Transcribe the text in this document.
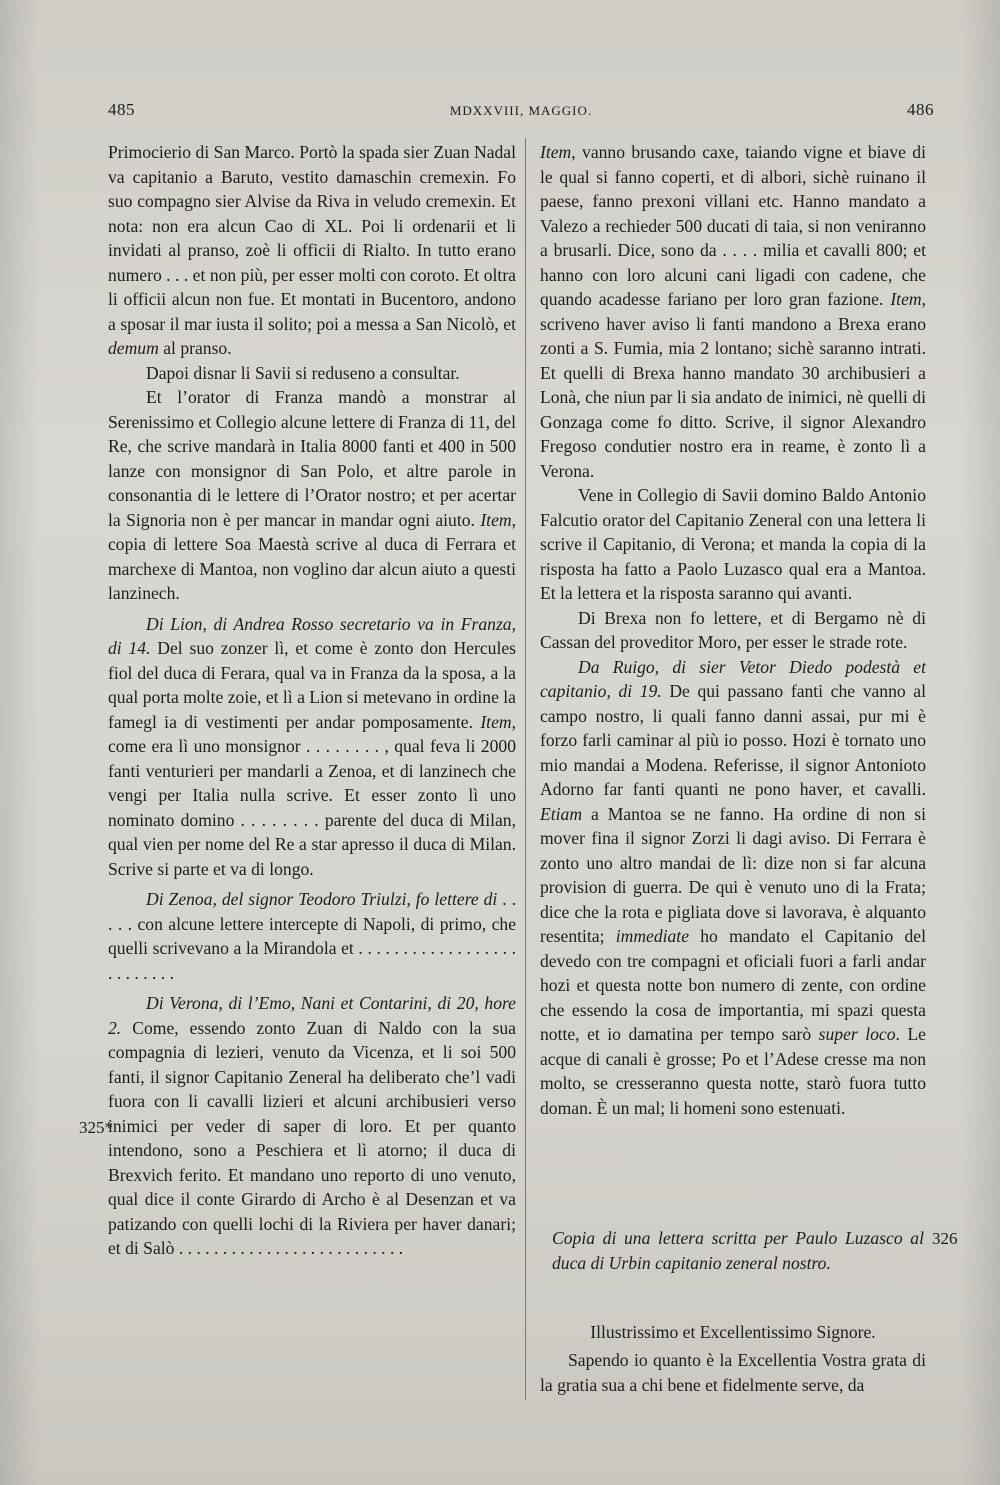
485	MDXXVIII, MAGGIO.	486

Primocierio di San Marco. Portò la spada sier Zuan Nadal va capitanio a Baruto, vestito damaschin cremexin. Fo suo compagno sier Alvise da Riva in veludo cremexin. Et nota: non era alcun Cao di XL. Poi li ordenarii et li invidati al pranso, zoè li officii di Rialto. In tutto erano numero . . . et non più, per esser molti con coroto. Et oltra li officii alcun non fue. Et montati in Bucentoro, andono a sposar il mar iusta il solito; poi a messa a San Nicolò, et demum al pranso.

Dapoi disnar li Savii si reduseno a consultar.

Et l’orator di Franza mandò a monstrar al Serenissimo et Collegio alcune lettere di Franza di 11, del Re, che scrive mandarà in Italia 8000 fanti et 400 in 500 lanze con monsignor di San Polo, et altre parole in consonantia di le lettere di l’Orator nostro; et per acertar la Signoria non è per mancar in mandar ogni aiuto. Item, copia di lettere Soa Maestà scrive al duca di Ferrara et marchexe di Mantoa, non voglino dar alcun aiuto a questi lanzinech.

Di Lion, di Andrea Rosso secretario va in Franza, di 14. Del suo zonzer lì, et come è zonto don Hercules fiol del duca di Ferara, qual va in Franza da la sposa, a la qual porta molte zoie, et lì a Lion si metevano in ordine la famegl ia di vestimenti per andar pomposamente. Item, come era lì uno monsignor . . . . . . . . , qual feva li 2000 fanti venturieri per mandarli a Zenoa, et di lanzinech che vengi per Italia nulla scrive. Et esser zonto lì uno nominato domino . . . . . . . . parente del duca di Milan, qual vien per nome del Re a star apresso il duca di Milan. Scrive si parte et va di longo.

Di Zenoa, del signor Teodoro Triulzi, fo lettere di . . . . . con alcune lettere intercepte di Napoli, di primo, che quelli scrivevano a la Mirandola et . . . . . . . . . . . . . . . . . . . . . . . . . .

Di Verona, di l’Emo, Nani et Contarini, di 20, hore 2. Come, essendo zonto Zuan di Naldo con la sua compagnia di lezieri, venuto da Vicenza, et li soi 500 fanti, il signor Capitanio Zeneral ha deliberato che’l vadi fuora con li cavalli lizieri et alcuni archibusieri verso inimici per veder di saper di loro. Et per quanto intendono, sono a Peschiera et lì atorno; il duca di Brexvich ferito. Et mandano uno reporto di uno venuto, qual dice il conte Girardo di Archo è al Desenzan et va patizando con quelli lochi di la Riviera per haver danari; et di Salò . . . . . . . . . . . . . . . . . . . . . . . . . .

Item, vanno brusando caxe, taiando vigne et biave di le qual si fanno coperti, et di albori, sichè ruinano il paese, fanno prexoni villani etc. Hanno mandato a Valezo a rechieder 500 ducati di taia, si non veniranno a brusarli. Dice, sono da . . . . milia et cavalli 800; et hanno con loro alcuni cani ligadi con cadene, che quando acadesse fariano per loro gran fazione. Item, scriveno haver aviso li fanti mandono a Brexa erano zonti a S. Fumia, mia 2 lontano; sichè saranno intrati. Et quelli di Brexa hanno mandato 30 archibusieri a Lonà, che niun par li sia andato de inimici, nè quelli di Gonzaga come fo ditto. Scrive, il signor Alexandro Fregoso condutier nostro era in reame, è zonto lì a Verona.

Vene in Collegio di Savii domino Baldo Antonio Falcutio orator del Capitanio Zeneral con una lettera li scrive il Capitanio, di Verona; et manda la copia di la risposta ha fatto a Paolo Luzasco qual era a Mantoa. Et la lettera et la risposta saranno qui avanti.

Di Brexa non fo lettere, et di Bergamo nè di Cassan del proveditor Moro, per esser le strade rote.

Da Ruigo, di sier Vetor Diedo podestà et capitanio, di 19. De qui passano fanti che vanno al campo nostro, li quali fanno danni assai, pur mi è forzo farli caminar al più io posso. Hozi è tornato uno mio mandai a Modena. Referisse, il signor Antonioto Adorno far fanti quanti ne pono haver, et cavalli. Etiam a Mantoa se ne fanno. Ha ordine di non si mover fina il signor Zorzi li dagi aviso. Di Ferrara è zonto uno altro mandai de lì: dize non si far alcuna provision di guerra. De qui è venuto uno di la Frata; dice che la rota e pigliata dove si lavorava, è alquanto resentita; immediate ho mandato el Capitanio del devedo con tre compagni et oficiali fuori a farli andar hozi et questa notte bon numero di zente, con ordine che essendo la cosa de importantia, mi spazi questa notte, et io damatina per tempo sarò super loco. Le acque di canali è grosse; Po et l’Adese cresse ma non molto, se cresseranno questa notte, starò fuora tutto doman. È un mal; li homeni sono estenuati.

325*
326
Copia di una lettera scritta per Paulo Luzasco al duca di Urbin capitanio zeneral nostro.
Illustrissimo et Excellentissimo Signore.

Sapendo io quanto è la Excellentia Vostra grata di la gratia sua a chi bene et fidelmente serve, da
